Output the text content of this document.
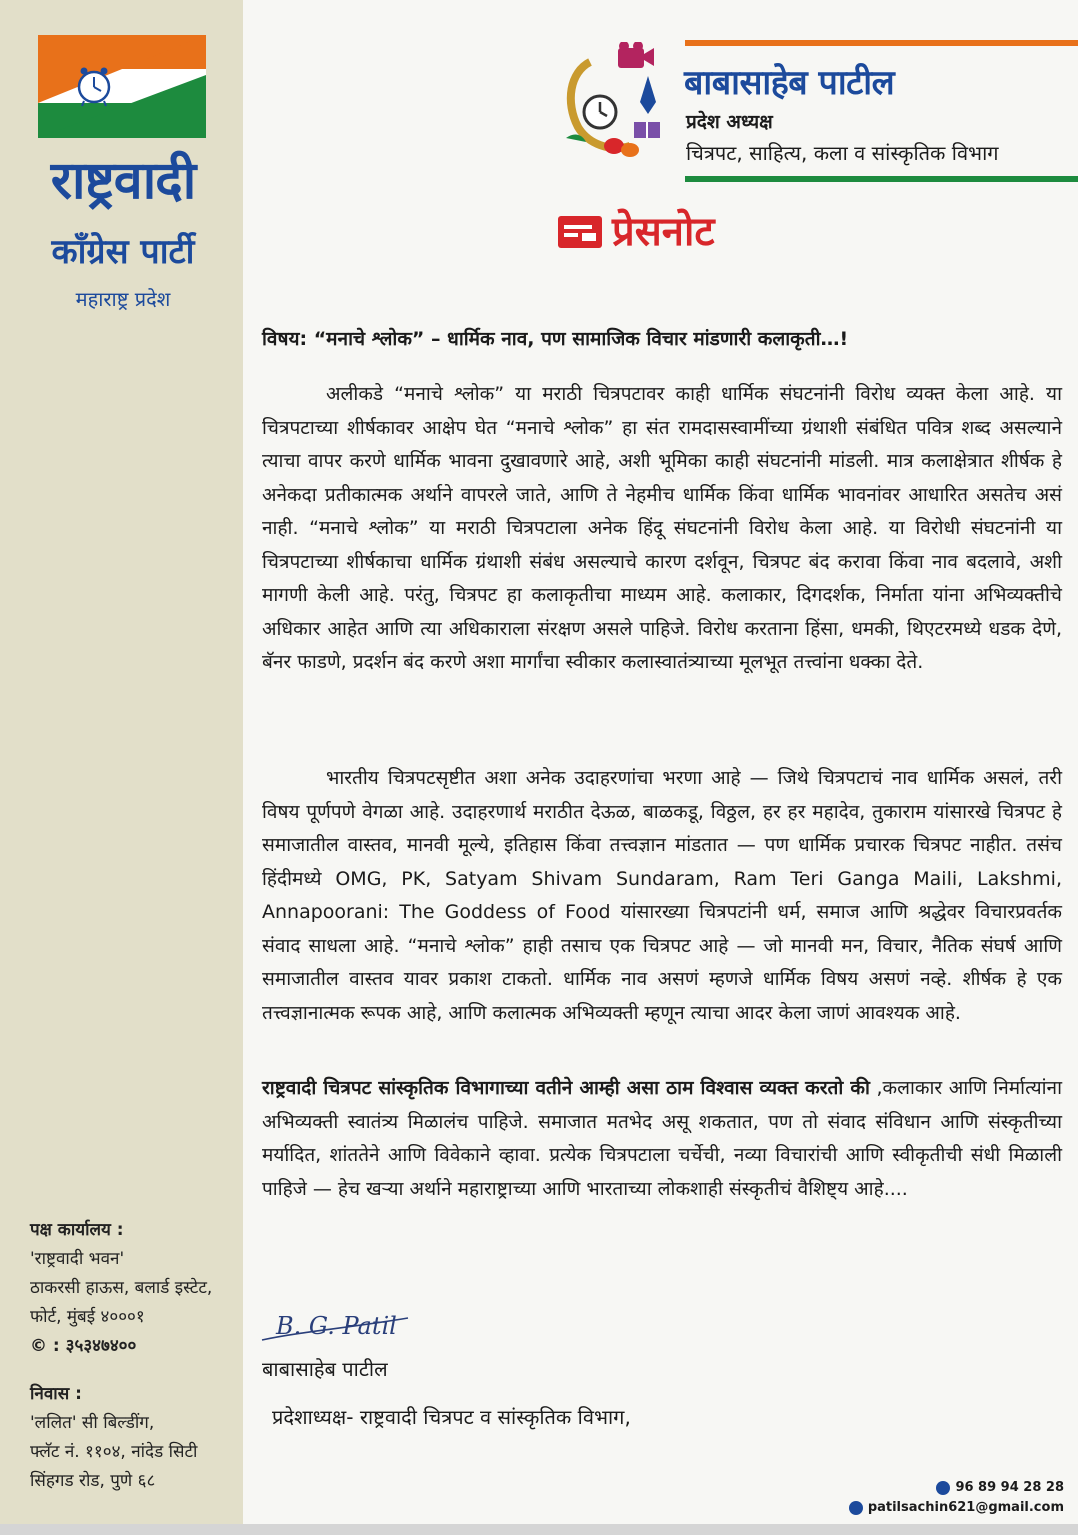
राष्ट्रवादी
कॉंग्रेस पार्टी
महाराष्ट्र प्रदेश
पक्ष कार्यालय :
'राष्ट्रवादी भवन'
ठाकरसी हाऊस, बलार्ड इस्टेट,
फोर्ट, मुंबई ४०००१
© : ३५३४७४००
निवास :
'ललित' सी बिल्डींग,
फ्लॅट नं. ११०४, नांदेड सिटी
सिंहगड रोड, पुणे ६८
बाबासाहेब पाटील
प्रदेश अध्यक्ष
चित्रपट, साहित्य, कला व सांस्कृतिक विभाग
प्रेसनोट
विषय: “मनाचे श्लोक” – धार्मिक नाव, पण सामाजिक विचार मांडणारी कलाकृती…!

अलीकडे “मनाचे श्लोक” या मराठी चित्रपटावर काही धार्मिक संघटनांनी विरोध व्यक्त केला आहे. या चित्रपटाच्या शीर्षकावर आक्षेप घेत “मनाचे श्लोक” हा संत रामदासस्वामींच्या ग्रंथाशी संबंधित पवित्र शब्द असल्याने त्याचा वापर करणे धार्मिक भावना दुखावणारे आहे, अशी भूमिका काही संघटनांनी मांडली. मात्र कलाक्षेत्रात शीर्षक हे अनेकदा प्रतीकात्मक अर्थाने वापरले जाते, आणि ते नेहमीच धार्मिक किंवा धार्मिक भावनांवर आधारित असतेच असं नाही. “मनाचे श्लोक” या मराठी चित्रपटाला अनेक हिंदू संघटनांनी विरोध केला आहे. या विरोधी संघटनांनी या चित्रपटाच्या शीर्षकाचा धार्मिक ग्रंथाशी संबंध असल्याचे कारण दर्शवून, चित्रपट बंद करावा किंवा नाव बदलावे, अशी मागणी केली आहे. परंतु, चित्रपट हा कलाकृतीचा माध्यम आहे. कलाकार, दिगदर्शक, निर्माता यांना अभिव्यक्तीचे अधिकार आहेत आणि त्या अधिकाराला संरक्षण असले पाहिजे. विरोध करताना हिंसा, धमकी, थिएटरमध्ये धडक देणे, बॅनर फाडणे, प्रदर्शन बंद करणे अशा मार्गांचा स्वीकार कलास्वातंत्र्याच्या मूलभूत तत्त्वांना धक्का देते.

भारतीय चित्रपटसृष्टीत अशा अनेक उदाहरणांचा भरणा आहे — जिथे चित्रपटाचं नाव धार्मिक असलं, तरी विषय पूर्णपणे वेगळा आहे. उदाहरणार्थ मराठीत देऊळ, बाळकडू, विठ्ठल, हर हर महादेव, तुकाराम यांसारखे चित्रपट हे समाजातील वास्तव, मानवी मूल्ये, इतिहास किंवा तत्त्वज्ञान मांडतात — पण धार्मिक प्रचारक चित्रपट नाहीत. तसंच हिंदीमध्ये OMG, PK, Satyam Shivam Sundaram, Ram Teri Ganga Maili, Lakshmi, Annapoorani: The Goddess of Food यांसारख्या चित्रपटांनी धर्म, समाज आणि श्रद्धेवर विचारप्रवर्तक संवाद साधला आहे. “मनाचे श्लोक” हाही तसाच एक चित्रपट आहे — जो मानवी मन, विचार, नैतिक संघर्ष आणि समाजातील वास्तव यावर प्रकाश टाकतो. धार्मिक नाव असणं म्हणजे धार्मिक विषय असणं नव्हे. शीर्षक हे एक तत्त्वज्ञानात्मक रूपक आहे, आणि कलात्मक अभिव्यक्ती म्हणून त्याचा आदर केला जाणं आवश्यक आहे.

राष्ट्रवादी चित्रपट सांस्कृतिक विभागाच्या वतीने आम्ही असा ठाम विश्वास व्यक्त करतो की ,कलाकार आणि निर्मात्यांना अभिव्यक्ती स्वातंत्र्य मिळालंच पाहिजे. समाजात मतभेद असू शकतात, पण तो संवाद संविधान आणि संस्कृतीच्या मर्यादित, शांततेने आणि विवेकाने व्हावा. प्रत्येक चित्रपटाला चर्चेची, नव्या विचारांची आणि स्वीकृतीची संधी मिळाली पाहिजे — हेच खऱ्या अर्थाने महाराष्ट्राच्या आणि भारताच्या लोकशाही संस्कृतीचं वैशिष्ट्य आहे....

B. G. Patil
बाबासाहेब पाटील
प्रदेशाध्यक्ष- राष्ट्रवादी चित्रपट व सांस्कृतिक विभाग,
96 89 94 28 28
patilsachin621@gmail.com
